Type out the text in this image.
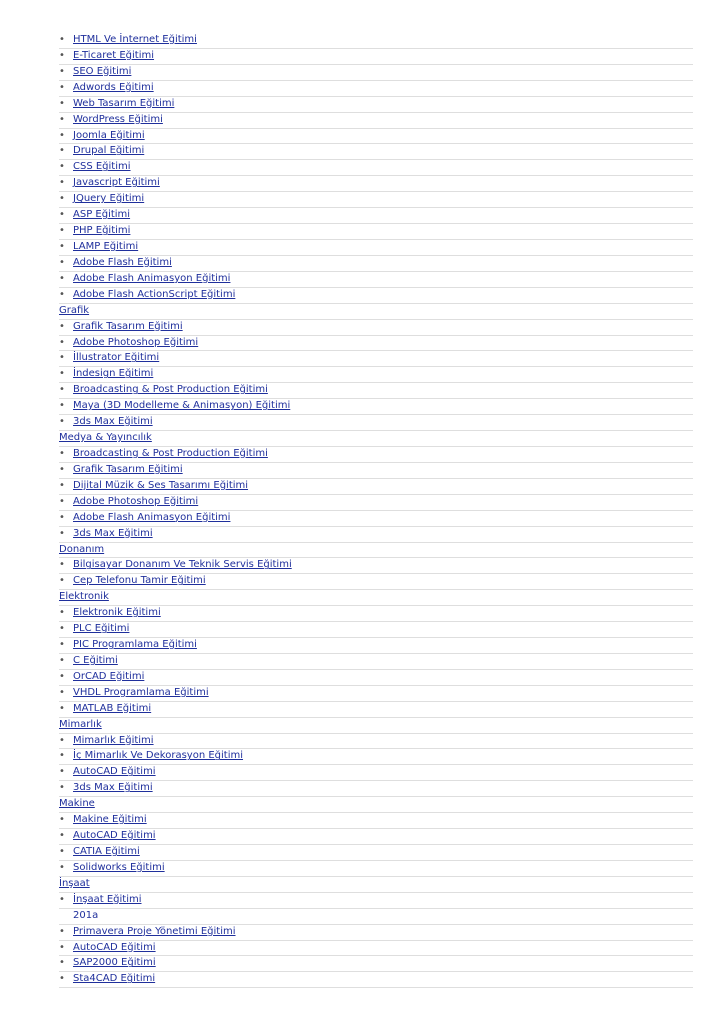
• HTML Ve İnternet Eğitimi
• E-Ticaret Eğitimi
• SEO Eğitimi
• Adwords Eğitimi
• Web Tasarım Eğitimi
• WordPress Eğitimi
• Joomla Eğitimi
• Drupal Eğitimi
• CSS Eğitimi
• Javascript Eğitimi
• JQuery Eğitimi
• ASP Eğitimi
• PHP Eğitimi
• LAMP Eğitimi
• Adobe Flash Eğitimi
• Adobe Flash Animasyon Eğitimi
• Adobe Flash ActionScript Eğitimi
Grafik
• Grafik Tasarım Eğitimi
• Adobe Photoshop Eğitimi
• İllustrator Eğitimi
• İndesign Eğitimi
• Broadcasting & Post Production Eğitimi
• Maya (3D Modelleme & Animasyon) Eğitimi
• 3ds Max Eğitimi
Medya & Yayıncılık
• Broadcasting & Post Production Eğitimi
• Grafik Tasarım Eğitimi
• Dijital Müzik & Ses Tasarımı Eğitimi
• Adobe Photoshop Eğitimi
• Adobe Flash Animasyon Eğitimi
• 3ds Max Eğitimi
Donanım
• Bilgisayar Donanım Ve Teknik Servis Eğitimi
• Cep Telefonu Tamir Eğitimi
Elektronik
• Elektronik Eğitimi
• PLC Eğitimi
• PIC Programlama Eğitimi
• C Eğitimi
• OrCAD Eğitimi
• VHDL Programlama Eğitimi
• MATLAB Eğitimi
Mimarlık
• Mimarlık Eğitimi
• İç Mimarlık Ve Dekorasyon Eğitimi
• AutoCAD Eğitimi
• 3ds Max Eğitimi
Makine
• Makine Eğitimi
• AutoCAD Eğitimi
• CATIA Eğitimi
• Solidworks Eğitimi
İnşaat
• İnşaat Eğitimi
201a
• Primavera Proje Yönetimi Eğitimi
• AutoCAD Eğitimi
• SAP2000 Eğitimi
• Sta4CAD Eğitimi
